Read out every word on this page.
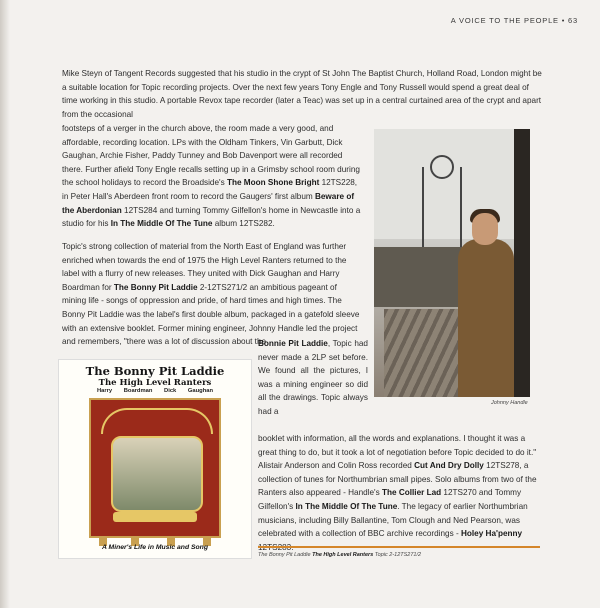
A VOICE TO THE PEOPLE • 63

Mike Steyn of Tangent Records suggested that his studio in the crypt of St John The Baptist Church, Holland Road, London might be a suitable location for Topic recording projects. Over the next few years Tony Engle and Tony Russell would spend a great deal of time working in this studio. A portable Revox tape recorder (later a Teac) was set up in a central curtained area of the crypt and apart from the occasional

footsteps of a verger in the church above, the room made a very good, and affordable, recording location. LPs with the Oldham Tinkers, Vin Garbutt, Dick Gaughan, Archie Fisher, Paddy Tunney and Bob Davenport were all recorded there. Further afield Tony Engle recalls setting up in a Grimsby school room during the school holidays to record the Broadside's The Moon Shone Bright 12TS228, in Peter Hall's Aberdeen front room to record the Gaugers' first album Beware of the Aberdonian 12TS284 and turning Tommy Gilfellon's home in Newcastle into a studio for his In The Middle Of The Tune album 12TS282.

Topic's strong collection of material from the North East of England was further enriched when towards the end of 1975 the High Level Ranters returned to the label with a flurry of new releases. They united with Dick Gaughan and Harry Boardman for The Bonny Pit Laddie 2-12TS271/2 an ambitious pageant of mining life - songs of oppression and pride, of hard times and high times. The Bonny Pit Laddie was the label's first double album, packaged in a gatefold sleeve with an extensive booklet. Former mining engineer, Johnny Handle led the project and remembers, "there was a lot of discussion about the

Bonnie Pit Laddie, Topic had never made a 2LP set before. We found all the pictures, I was a mining engineer so did all the drawings. Topic always had a

booklet with information, all the words and explanations. I thought it was a great thing to do, but it took a lot of negotiation before Topic decided to do it." Alistair Anderson and Colin Ross recorded Cut And Dry Dolly 12TS278, a collection of tunes for Northumbrian small pipes. Solo albums from two of the Ranters also appeared - Handle's The Collier Lad 12TS270 and Tommy Gilfellon's In The Middle Of The Tune. The legacy of earlier Northumbrian musicians, including Billy Ballantine, Tom Clough and Ned Pearson, was celebrated with a collection of BBC archive recordings - Holey Ha'penny

Johnny Handle
The Bonny Pit Laddie
The High Level Ranters
Harry Boardman Dick Gaughan
A Miner's Life in Music and Song
The Bonny Pit Laddie The High Level Ranters Topic 2-12TS271/2
